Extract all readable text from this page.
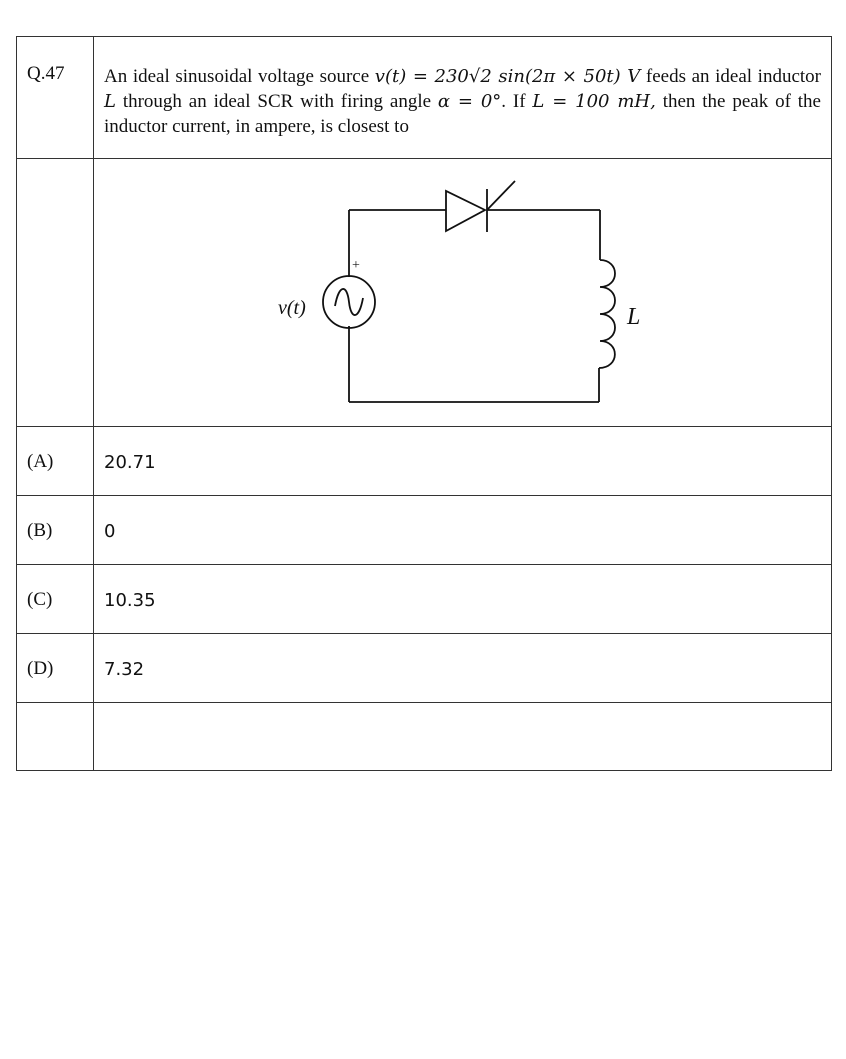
Q.47	An ideal sinusoidal voltage source v(t) = 230√2 sin(2π × 50t) V feeds an ideal inductor L through an ideal SCR with firing angle α = 0°. If L = 100 mH, then the peak of the inductor current, in ampere, is closest to

+
v(t) L

(A)	20.71

(B)	0

(C)	10.35

(D)	7.32
